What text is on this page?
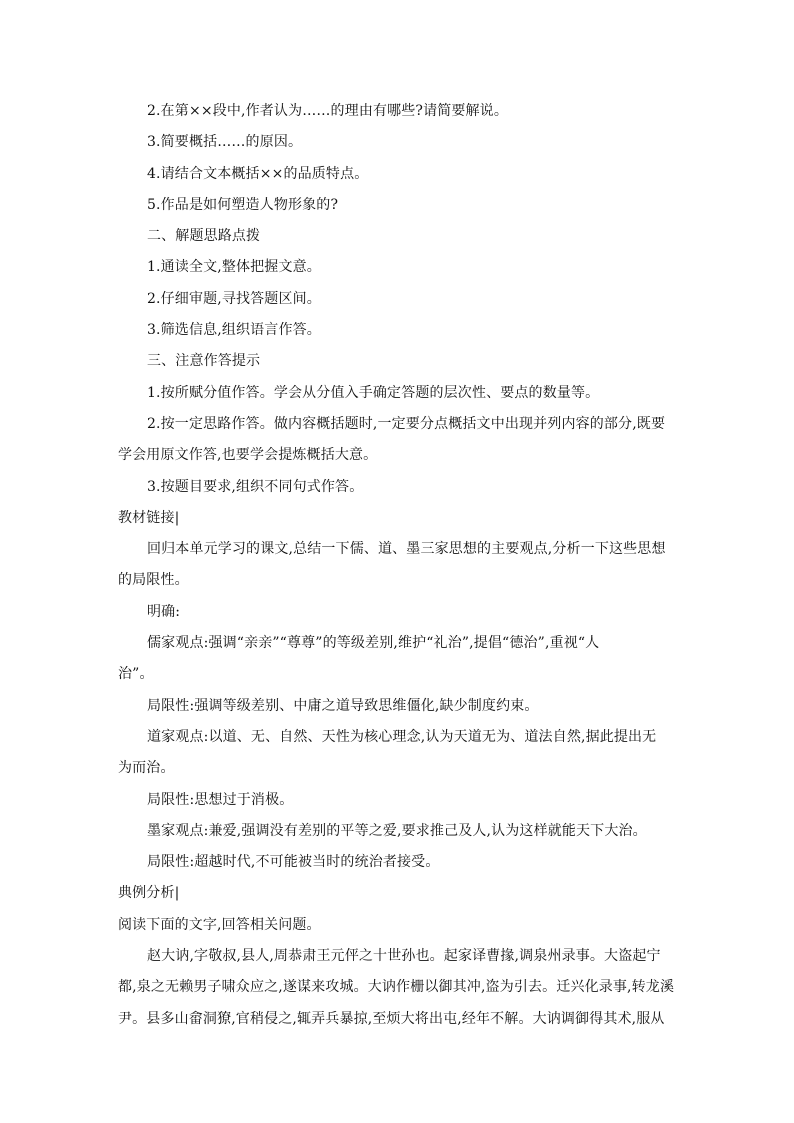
2.在第××段中,作者认为……的理由有哪些?请简要解说。
3.简要概括……的原因。
4.请结合文本概括××的品质特点。
5.作品是如何塑造人物形象的?
二、解题思路点拨
1.通读全文,整体把握文意。
2.仔细审题,寻找答题区间。
3.筛选信息,组织语言作答。
三、注意作答提示
1.按所赋分值作答。学会从分值入手确定答题的层次性、要点的数量等。
2.按一定思路作答。做内容概括题时,一定要分点概括文中出现并列内容的部分,既要
学会用原文作答,也要学会提炼概括大意。
3.按题目要求,组织不同句式作答。
教材链接|
回归本单元学习的课文,总结一下儒、道、墨三家思想的主要观点,分析一下这些思想
的局限性。
明确:
儒家观点:强调“亲亲”“尊尊”的等级差别,维护“礼治”,提倡“德治”,重视“人
治”。
局限性:强调等级差别、中庸之道导致思维僵化,缺少制度约束。
道家观点:以道、无、自然、天性为核心理念,认为天道无为、道法自然,据此提出无
为而治。
局限性:思想过于消极。
墨家观点:兼爱,强调没有差别的平等之爱,要求推己及人,认为这样就能天下大治。
局限性:超越时代,不可能被当时的统治者接受。
典例分析|
阅读下面的文字,回答相关问题。
赵大讷,字敬叔,县人,周恭肃王元伻之十世孙也。起家译曹掾,调泉州录事。大盗起宁
都,泉之无赖男子啸众应之,遂谋来攻城。大讷作栅以御其冲,盗为引去。迁兴化录事,转龙溪
尹。县多山畲洞獠,官稍侵之,辄弄兵暴掠,至烦大将出屯,经年不解。大讷调御得其术,服从
